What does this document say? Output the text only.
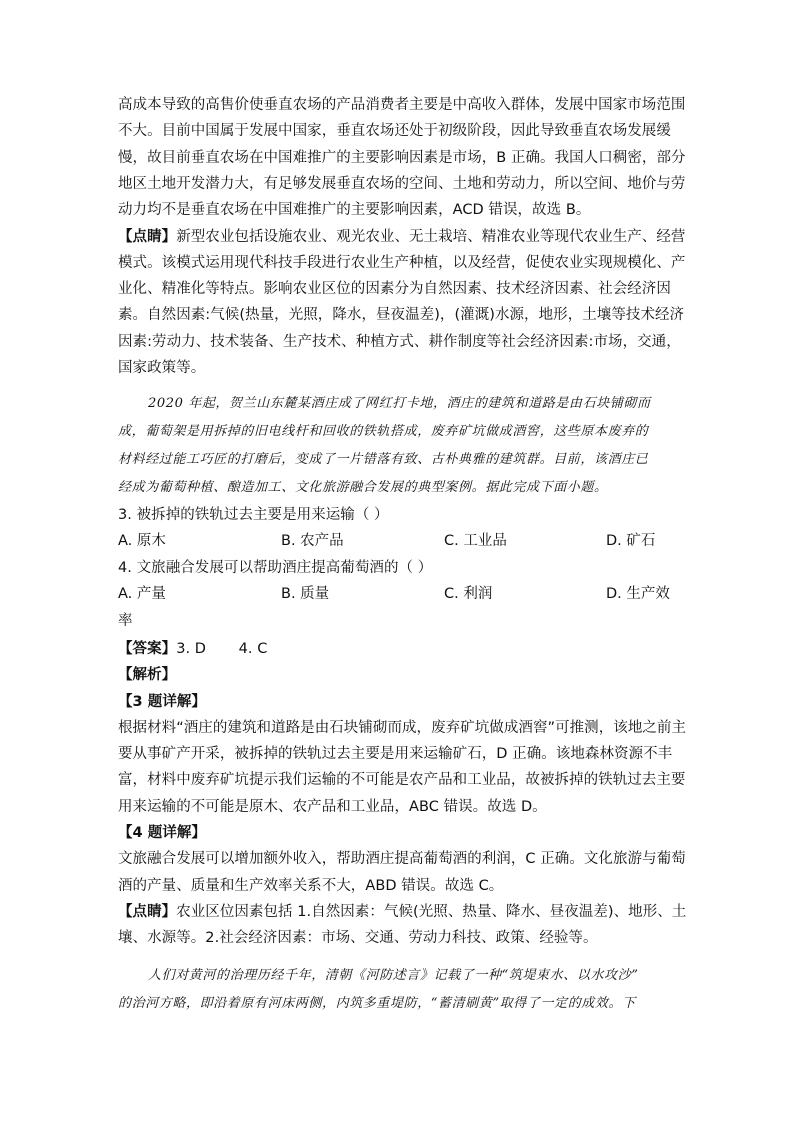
高成本导致的高售价使垂直农场的产品消费者主要是中高收入群体，发展中国家市场范围
不大。目前中国属于发展中国家，垂直农场还处于初级阶段，因此导致垂直农场发展缓
慢，故目前垂直农场在中国难推广的主要影响因素是市场，B 正确。我国人口稠密，部分
地区土地开发潜力大，有足够发展垂直农场的空间、土地和劳动力，所以空间、地价与劳
动力均不是垂直农场在中国难推广的主要影响因素，ACD 错误，故选 B。
【点睛】新型农业包括设施农业、观光农业、无土栽培、精准农业等现代农业生产、经营
模式。该模式运用现代科技手段进行农业生产种植，以及经营，促使农业实现规模化、产
业化、精准化等特点。影响农业区位的因素分为自然因素、技术经济因素、社会经济因
素。自然因素:气候(热量，光照，降水，昼夜温差)，(灌溉)水源，地形，土壤等技术经济
因素:劳动力、技术装备、生产技术、种植方式、耕作制度等社会经济因素:市场，交通，
国家政策等。
2020 年起，贺兰山东麓某酒庄成了网红打卡地，酒庄的建筑和道路是由石块铺砌而
成，葡萄架是用拆掉的旧电线杆和回收的铁轨搭成，废弃矿坑做成酒窖，这些原本废弃的
材料经过能工巧匠的打磨后，变成了一片错落有致、古朴典雅的建筑群。目前，该酒庄已
经成为葡萄种植、酿造加工、文化旅游融合发展的典型案例。据此完成下面小题。
3. 被拆掉的铁轨过去主要是用来运输（ ）
A. 原木	B. 农产品	C. 工业品	D. 矿石
4. 文旅融合发展可以帮助酒庄提高葡萄酒的（ ）
A. 产量	B. 质量	C. 利润	D. 生产效
率
【答案】3. D       4. C
【解析】
【3 题详解】
根据材料“酒庄的建筑和道路是由石块铺砌而成，废弃矿坑做成酒窖”可推测，该地之前主
要从事矿产开采，被拆掉的铁轨过去主要是用来运输矿石，D 正确。该地森林资源不丰
富，材料中废弃矿坑提示我们运输的不可能是农产品和工业品，故被拆掉的铁轨过去主要
用来运输的不可能是原木、农产品和工业品，ABC 错误。故选 D。
【4 题详解】
文旅融合发展可以增加额外收入，帮助酒庄提高葡萄酒的利润，C 正确。文化旅游与葡萄
酒的产量、质量和生产效率关系不大，ABD 错误。故选 C。
【点睛】农业区位因素包括 1.自然因素：气候(光照、热量、降水、昼夜温差)、地形、土
壤、水源等。2.社会经济因素：市场、交通、劳动力科技、政策、经验等。
人们对黄河的治理历经千年，清朝《河防述言》记载了一种“筑堤束水、以水攻沙”
的治河方略，即沿着原有河床两侧，内筑多重堤防，“蓄清刷黄”取得了一定的成效。下
